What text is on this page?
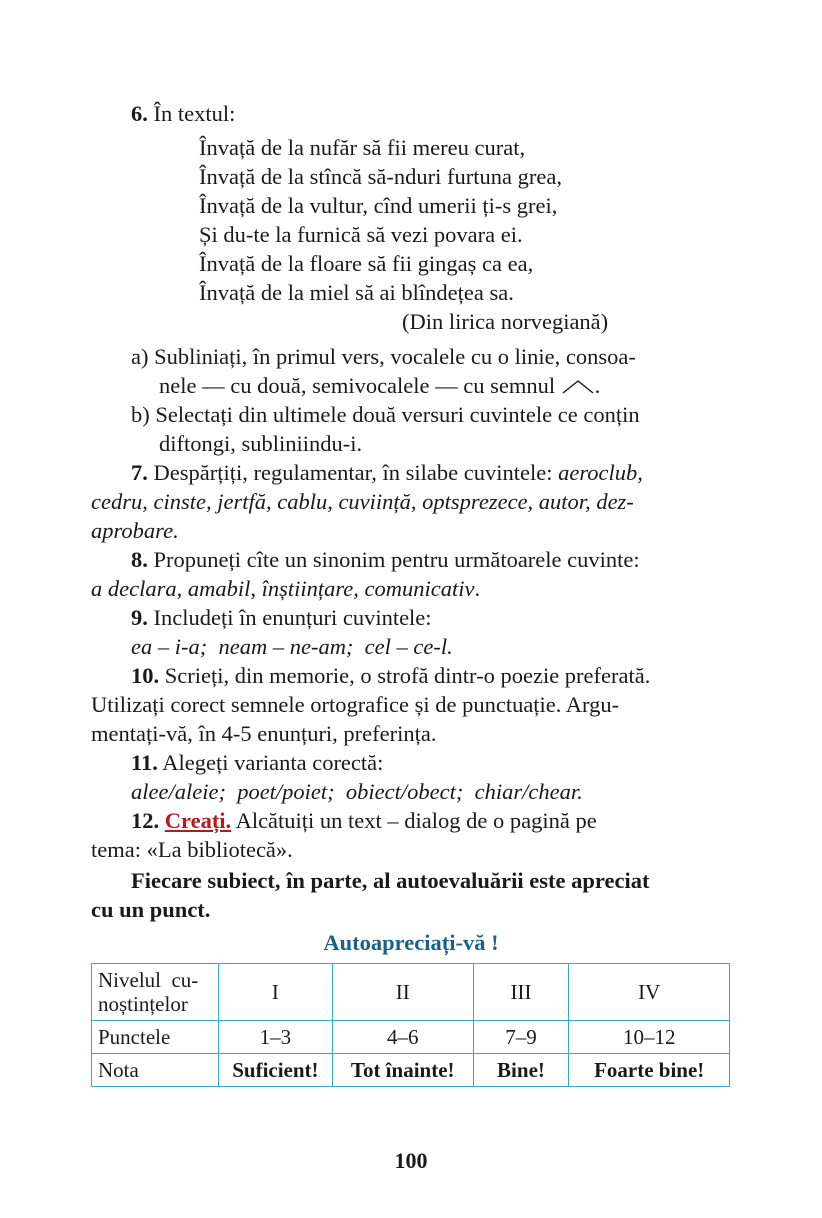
6. În textul:
Învață de la nufăr să fii mereu curat,
Învață de la stîncă să-nduri furtuna grea,
Învață de la vultur, cînd umerii ți-s grei,
Și du-te la furnică să vezi povara ei.
Învață de la floare să fii gingaș ca ea,
Învață de la miel să ai blîndețea sa.
(Din lirica norvegiană)
a) Subliniați, în primul vers, vocalele cu o linie, consoa-
nele — cu două, semivocalele — cu semnul .
b) Selectați din ultimele două versuri cuvintele ce conțin
diftongi, subliniindu-i.
7. Despărțiți, regulamentar, în silabe cuvintele: aeroclub,
cedru, cinste, jertfă, cablu, cuviință, optsprezece, autor, dez-
aprobare.
8. Propuneți cîte un sinonim pentru următoarele cuvinte:
a declara, amabil, înștiințare, comunicativ.
9. Includeți în enunțuri cuvintele:
ea – i-a;  neam – ne-am;  cel – ce-l.
10. Scrieți, din memorie, o strofă dintr-o poezie preferată.
Utilizați corect semnele ortografice și de punctuație. Argu-
mentați-vă, în 4-5 enunțuri, preferința.
11. Alegeți varianta corectă:
alee/aleie;  poet/poiet;  obiect/obect;  chiar/chear.
12. Creați. Alcătuiți un text – dialog de o pagină pe
tema: «La bibliotecă».
Fiecare subiect, în parte, al autoevaluării este apreciat
cu un punct.
Autoapreciați-vă !
Nivelul  cu-
noștințelor	I	II	III	IV
Punctele	1–3	4–6	7–9	10–12
Nota	Suficient!	Tot înainte!	Bine!	Foarte bine!
100
